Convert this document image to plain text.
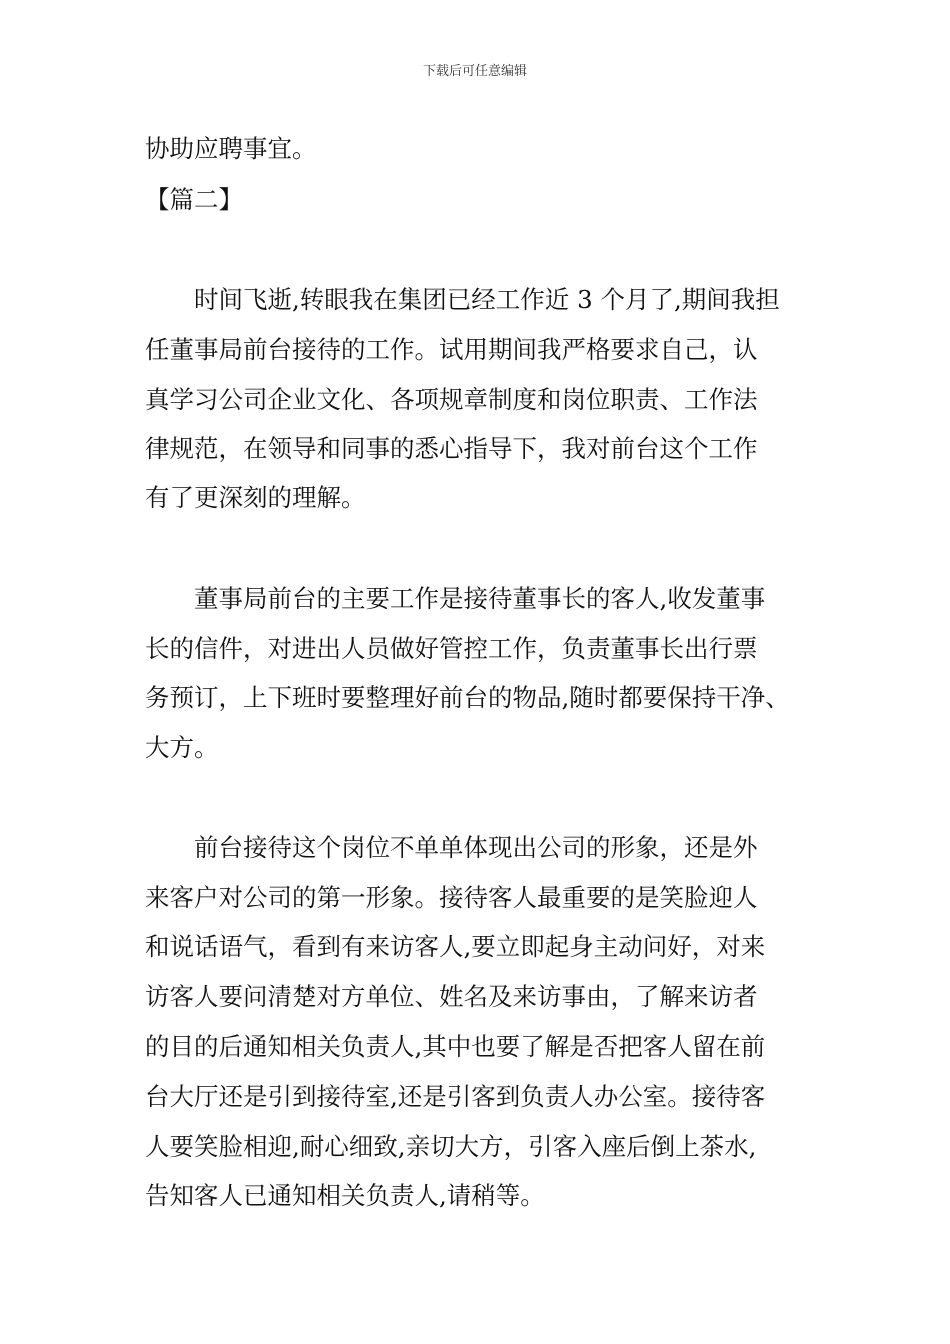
下载后可任意编辑
协助应聘事宜。
【篇二】
时间飞逝,转眼我在集团已经工作近 3 个月了,期间我担
任董事局前台接待的工作。试用期间我严格要求自己，认
真学习公司企业文化、各项规章制度和岗位职责、工作法
律规范，在领导和同事的悉心指导下，我对前台这个工作
有了更深刻的理解。
董事局前台的主要工作是接待董事长的客人,收发董事
长的信件，对进出人员做好管控工作，负责董事长出行票
务预订，上下班时要整理好前台的物品,随时都要保持干净、
大方。
前台接待这个岗位不单单体现出公司的形象，还是外
来客户对公司的第一形象。接待客人最重要的是笑脸迎人
和说话语气，看到有来访客人,要立即起身主动问好，对来
访客人要问清楚对方单位、姓名及来访事由，了解来访者
的目的后通知相关负责人,其中也要了解是否把客人留在前
台大厅还是引到接待室,还是引客到负责人办公室。接待客
人要笑脸相迎,耐心细致,亲切大方，引客入座后倒上茶水,
告知客人已通知相关负责人,请稍等。
